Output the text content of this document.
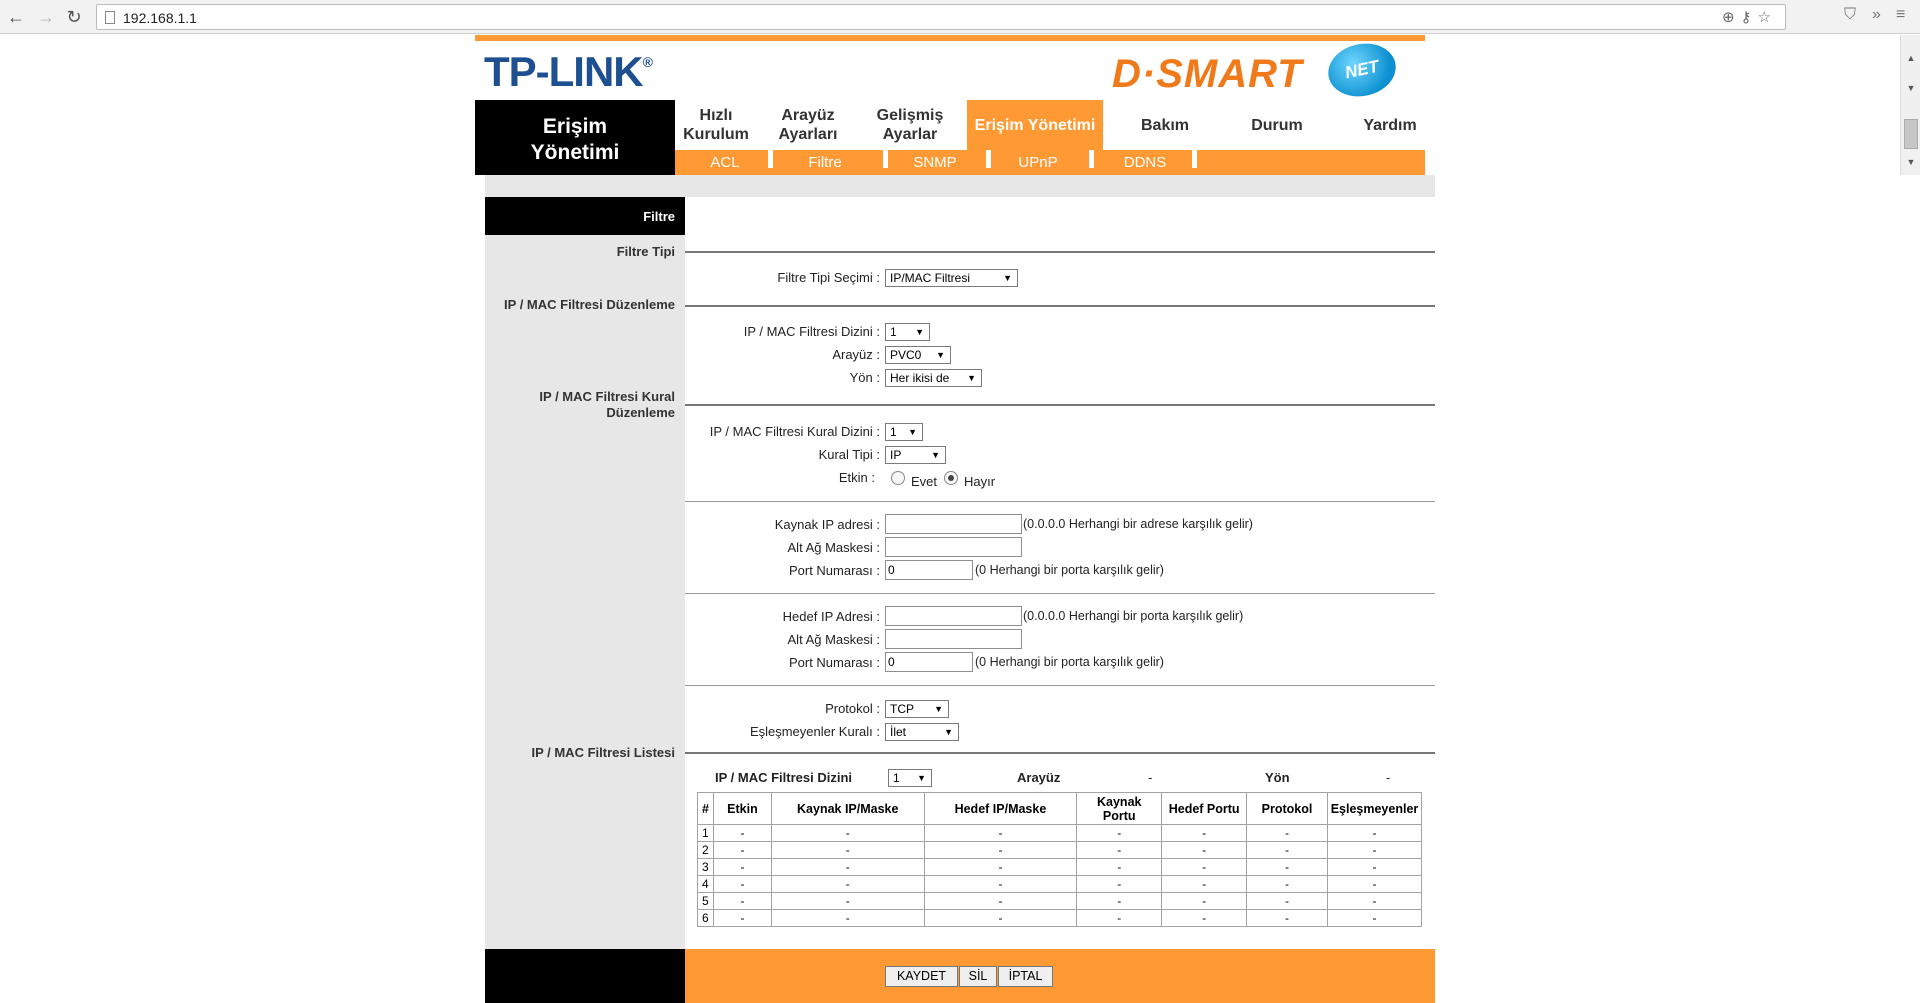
← → ↻	192.168.1.1	⊕⚷☆	⛉ » ≡
▲
▼
▼
TP-LINK®	D·SMART	NET
Erişim
Yönetimi
Hızlı
Kurulum
Arayüz
Ayarları
Gelişmiş
Ayarlar
Erişim Yönetimi	Bakım	Durum	Yardım
ACL	Filtre	SNMP	UPnP	DDNS
Filtre
Filtre Tipi
IP / MAC Filtresi Düzenleme
IP / MAC Filtresi Kural
Düzenleme
IP / MAC Filtresi Listesi
Filtre Tipi Seçimi : IP/MAC Filtresi	▼
IP / MAC Filtresi Dizini : 1 ▼
Arayüz : PVC0 ▼
Yön : Her ikisi de ▼
IP / MAC Filtresi Kural Dizini : 1 ▼
Kural Tipi : IP	▼
Etkin :	Evet Hayır
Kaynak IP adresi :	(0.0.0.0 Herhangi bir adrese karşılık gelir)
Alt Ağ Maskesi :
Port Numarası : 0	(0 Herhangi bir porta karşılık gelir)
Hedef IP Adresi :	(0.0.0.0 Herhangi bir porta karşılık gelir)
Alt Ağ Maskesi :
Port Numarası : 0	(0 Herhangi bir porta karşılık gelir)
Protokol : TCP ▼
Eşleşmeyenler Kuralı : İlet	▼
IP / MAC Filtresi Dizini	1 ▼	Arayüz	-	Yön	-
#	Etkin	Kaynak IP/Maske	Hedef IP/Maske	Kaynak Portu	Hedef Portu	Protokol	Eşleşmeyenler
1	-	-	-	-	-	-	-
2	-	-	-	-	-	-	-
3	-	-	-	-	-	-	-
4	-	-	-	-	-	-	-
5	-	-	-	-	-	-	-
6	-	-	-	-	-	-	-
KAYDET	SİL	İPTAL
